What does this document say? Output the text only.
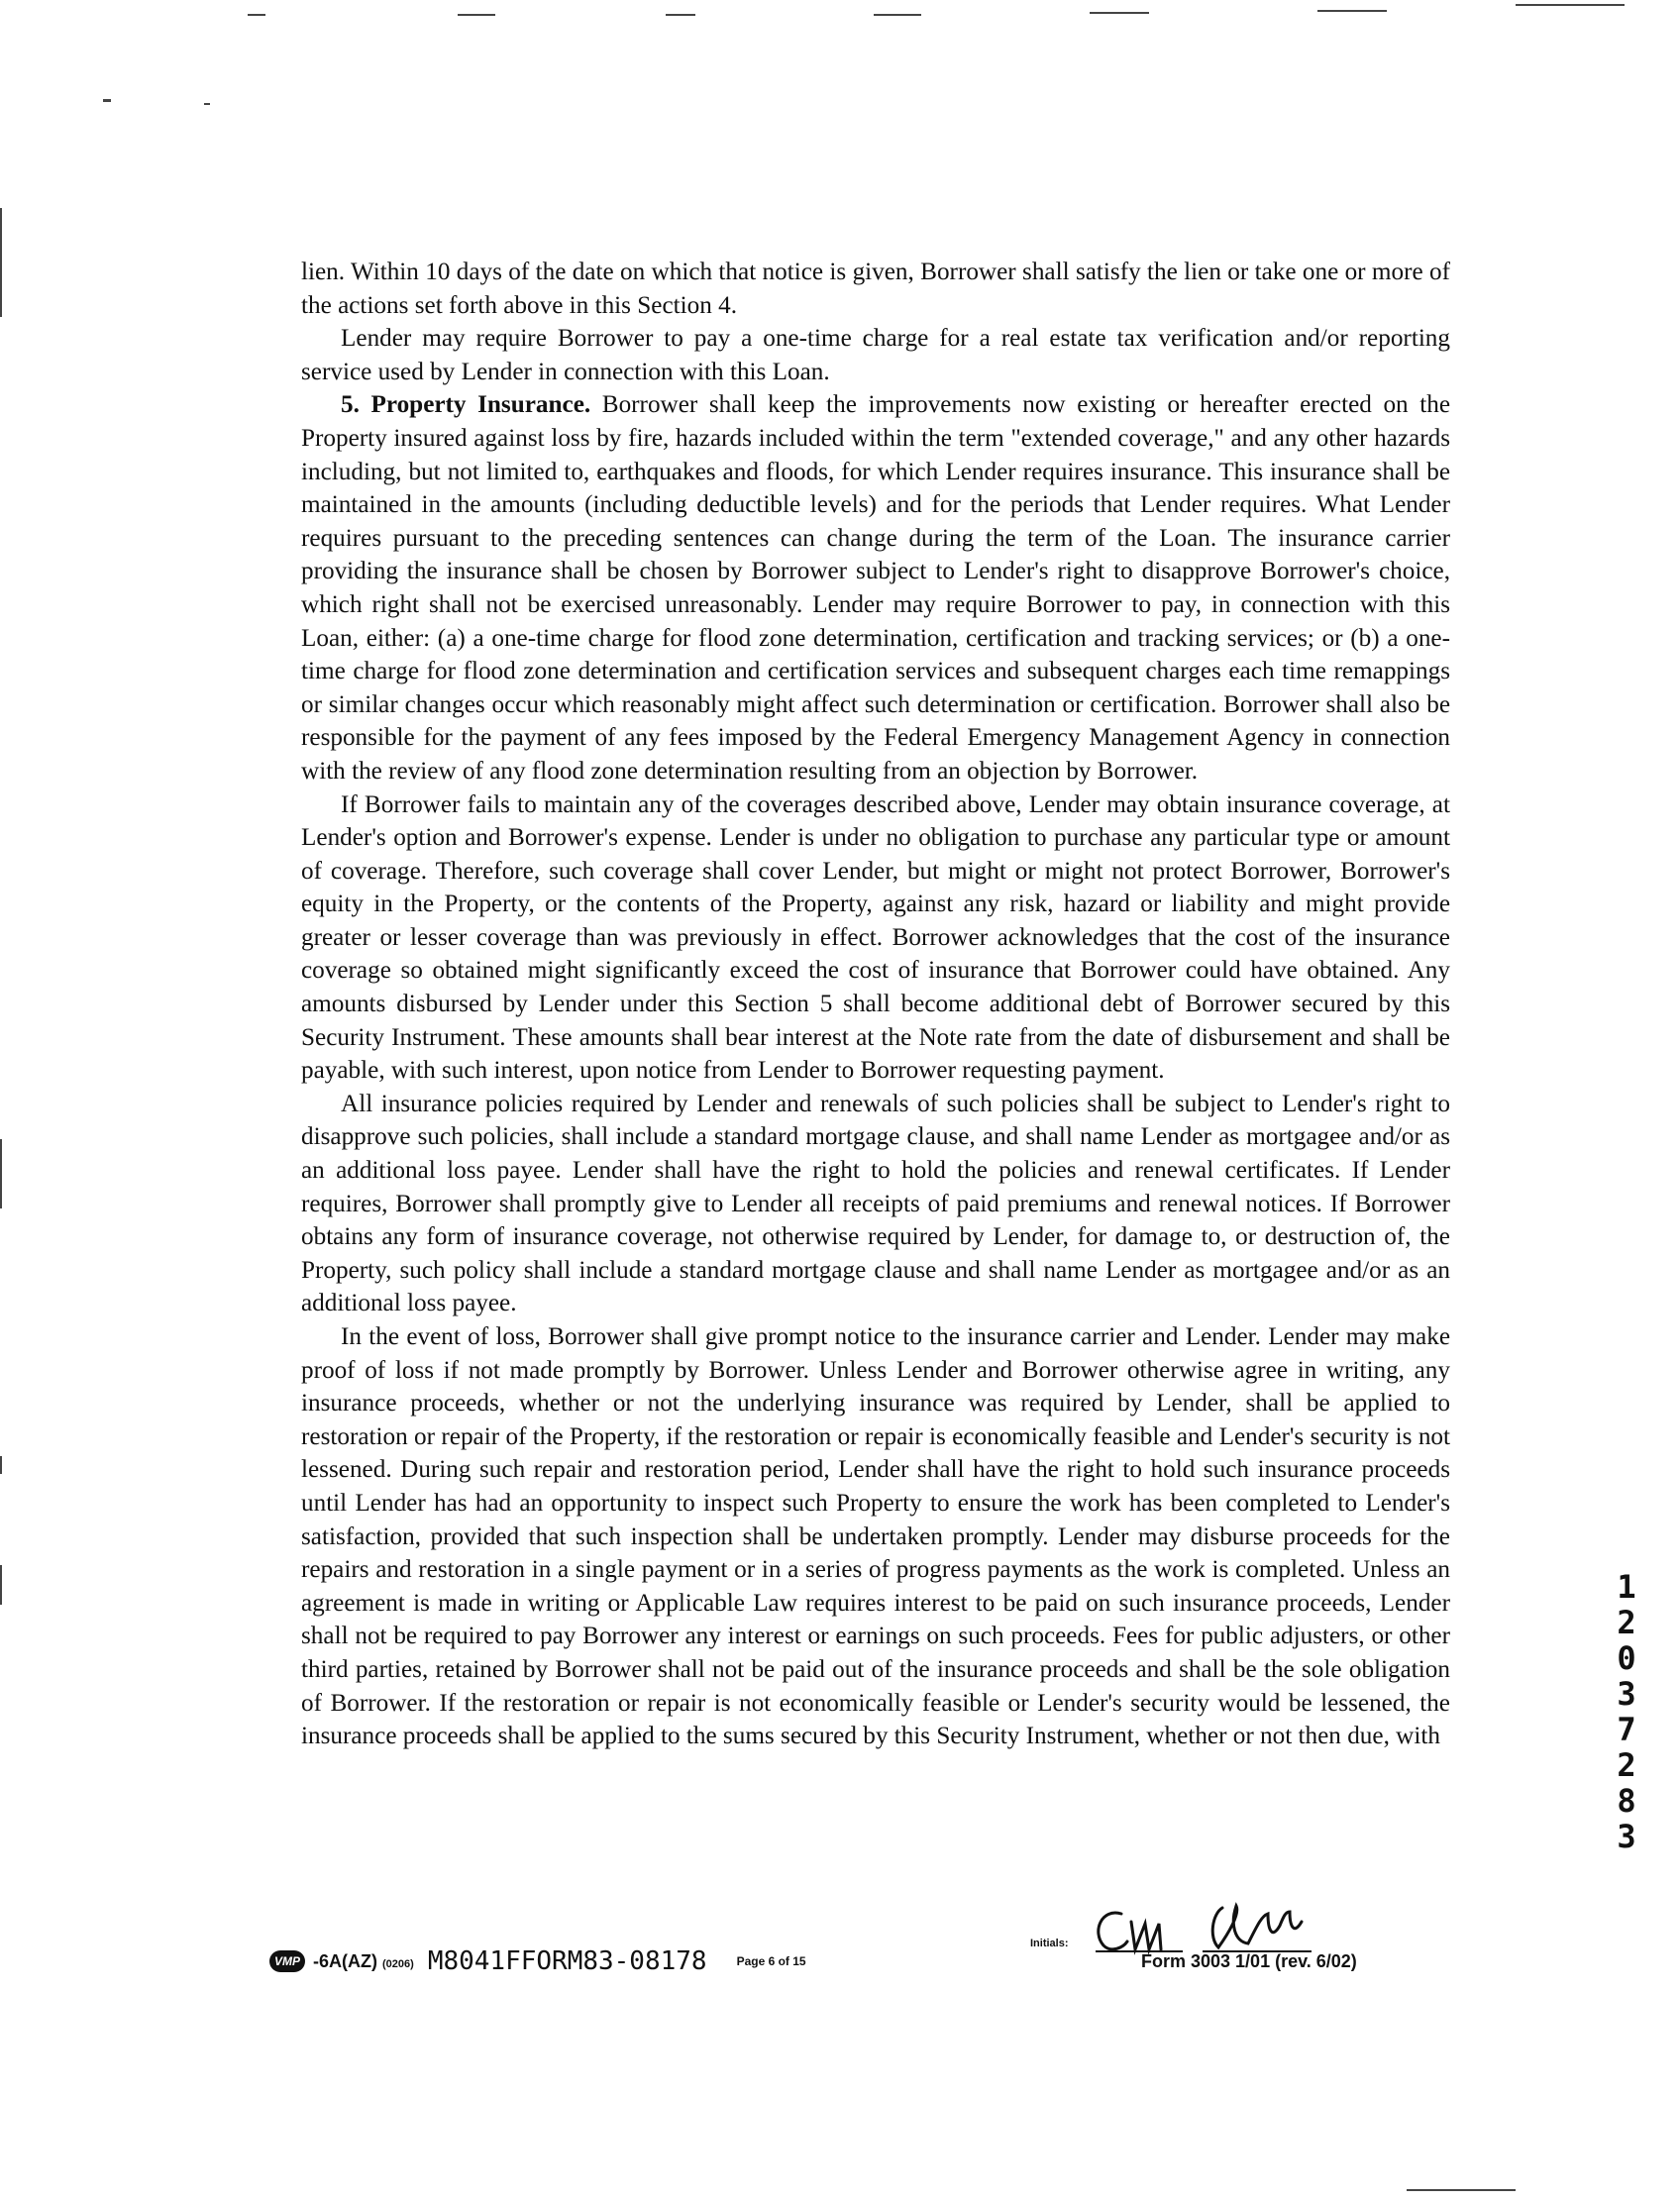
lien. Within 10 days of the date on which that notice is given, Borrower shall satisfy the lien or take one or more of the actions set forth above in this Section 4.

Lender may require Borrower to pay a one-time charge for a real estate tax verification and/or reporting service used by Lender in connection with this Loan.

5. Property Insurance. Borrower shall keep the improvements now existing or hereafter erected on the Property insured against loss by fire, hazards included within the term "extended coverage," and any other hazards including, but not limited to, earthquakes and floods, for which Lender requires insurance. This insurance shall be maintained in the amounts (including deductible levels) and for the periods that Lender requires. What Lender requires pursuant to the preceding sentences can change during the term of the Loan. The insurance carrier providing the insurance shall be chosen by Borrower subject to Lender's right to disapprove Borrower's choice, which right shall not be exercised unreasonably. Lender may require Borrower to pay, in connection with this Loan, either: (a) a one-time charge for flood zone determination, certification and tracking services; or (b) a one-time charge for flood zone determination and certification services and subsequent charges each time remappings or similar changes occur which reasonably might affect such determination or certification. Borrower shall also be responsible for the payment of any fees imposed by the Federal Emergency Management Agency in connection with the review of any flood zone determination resulting from an objection by Borrower.

If Borrower fails to maintain any of the coverages described above, Lender may obtain insurance coverage, at Lender's option and Borrower's expense. Lender is under no obligation to purchase any particular type or amount of coverage. Therefore, such coverage shall cover Lender, but might or might not protect Borrower, Borrower's equity in the Property, or the contents of the Property, against any risk, hazard or liability and might provide greater or lesser coverage than was previously in effect. Borrower acknowledges that the cost of the insurance coverage so obtained might significantly exceed the cost of insurance that Borrower could have obtained. Any amounts disbursed by Lender under this Section 5 shall become additional debt of Borrower secured by this Security Instrument. These amounts shall bear interest at the Note rate from the date of disbursement and shall be payable, with such interest, upon notice from Lender to Borrower requesting payment.

All insurance policies required by Lender and renewals of such policies shall be subject to Lender's right to disapprove such policies, shall include a standard mortgage clause, and shall name Lender as mortgagee and/or as an additional loss payee. Lender shall have the right to hold the policies and renewal certificates. If Lender requires, Borrower shall promptly give to Lender all receipts of paid premiums and renewal notices. If Borrower obtains any form of insurance coverage, not otherwise required by Lender, for damage to, or destruction of, the Property, such policy shall include a standard mortgage clause and shall name Lender as mortgagee and/or as an additional loss payee.

In the event of loss, Borrower shall give prompt notice to the insurance carrier and Lender. Lender may make proof of loss if not made promptly by Borrower. Unless Lender and Borrower otherwise agree in writing, any insurance proceeds, whether or not the underlying insurance was required by Lender, shall be applied to restoration or repair of the Property, if the restoration or repair is economically feasible and Lender's security is not lessened. During such repair and restoration period, Lender shall have the right to hold such insurance proceeds until Lender has had an opportunity to inspect such Property to ensure the work has been completed to Lender's satisfaction, provided that such inspection shall be undertaken promptly. Lender may disburse proceeds for the repairs and restoration in a single payment or in a series of progress payments as the work is completed. Unless an agreement is made in writing or Applicable Law requires interest to be paid on such insurance proceeds, Lender shall not be required to pay Borrower any interest or earnings on such proceeds. Fees for public adjusters, or other third parties, retained by Borrower shall not be paid out of the insurance proceeds and shall be the sole obligation of Borrower. If the restoration or repair is not economically feasible or Lender's security would be lessened, the insurance proceeds shall be applied to the sums secured by this Security Instrument, whether or not then due, with

VMP -6A(AZ) (0206) M8041FFORM83-08178	Page 6 of 15
Initials:
Form 3003 1/01 (rev. 6/02)
12037 283
